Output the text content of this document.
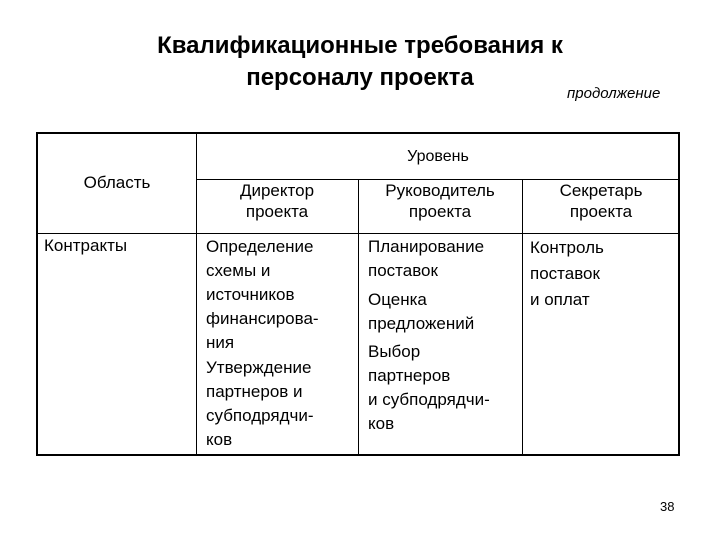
Квалификационные требования к
персоналу проекта
продолжение
Уровень
Область	Директор
проекта
Руководитель
проекта
Секретарь
проекта
Контракты	Определение
схемы и
источников
финансирова-
ния
Утверждение
партнеров и
субподрядчи-
ков
Планирование
поставок
Оценка
предложений
Выбор
партнеров
и субподрядчи-
ков
Контроль
поставок
и оплат
38
